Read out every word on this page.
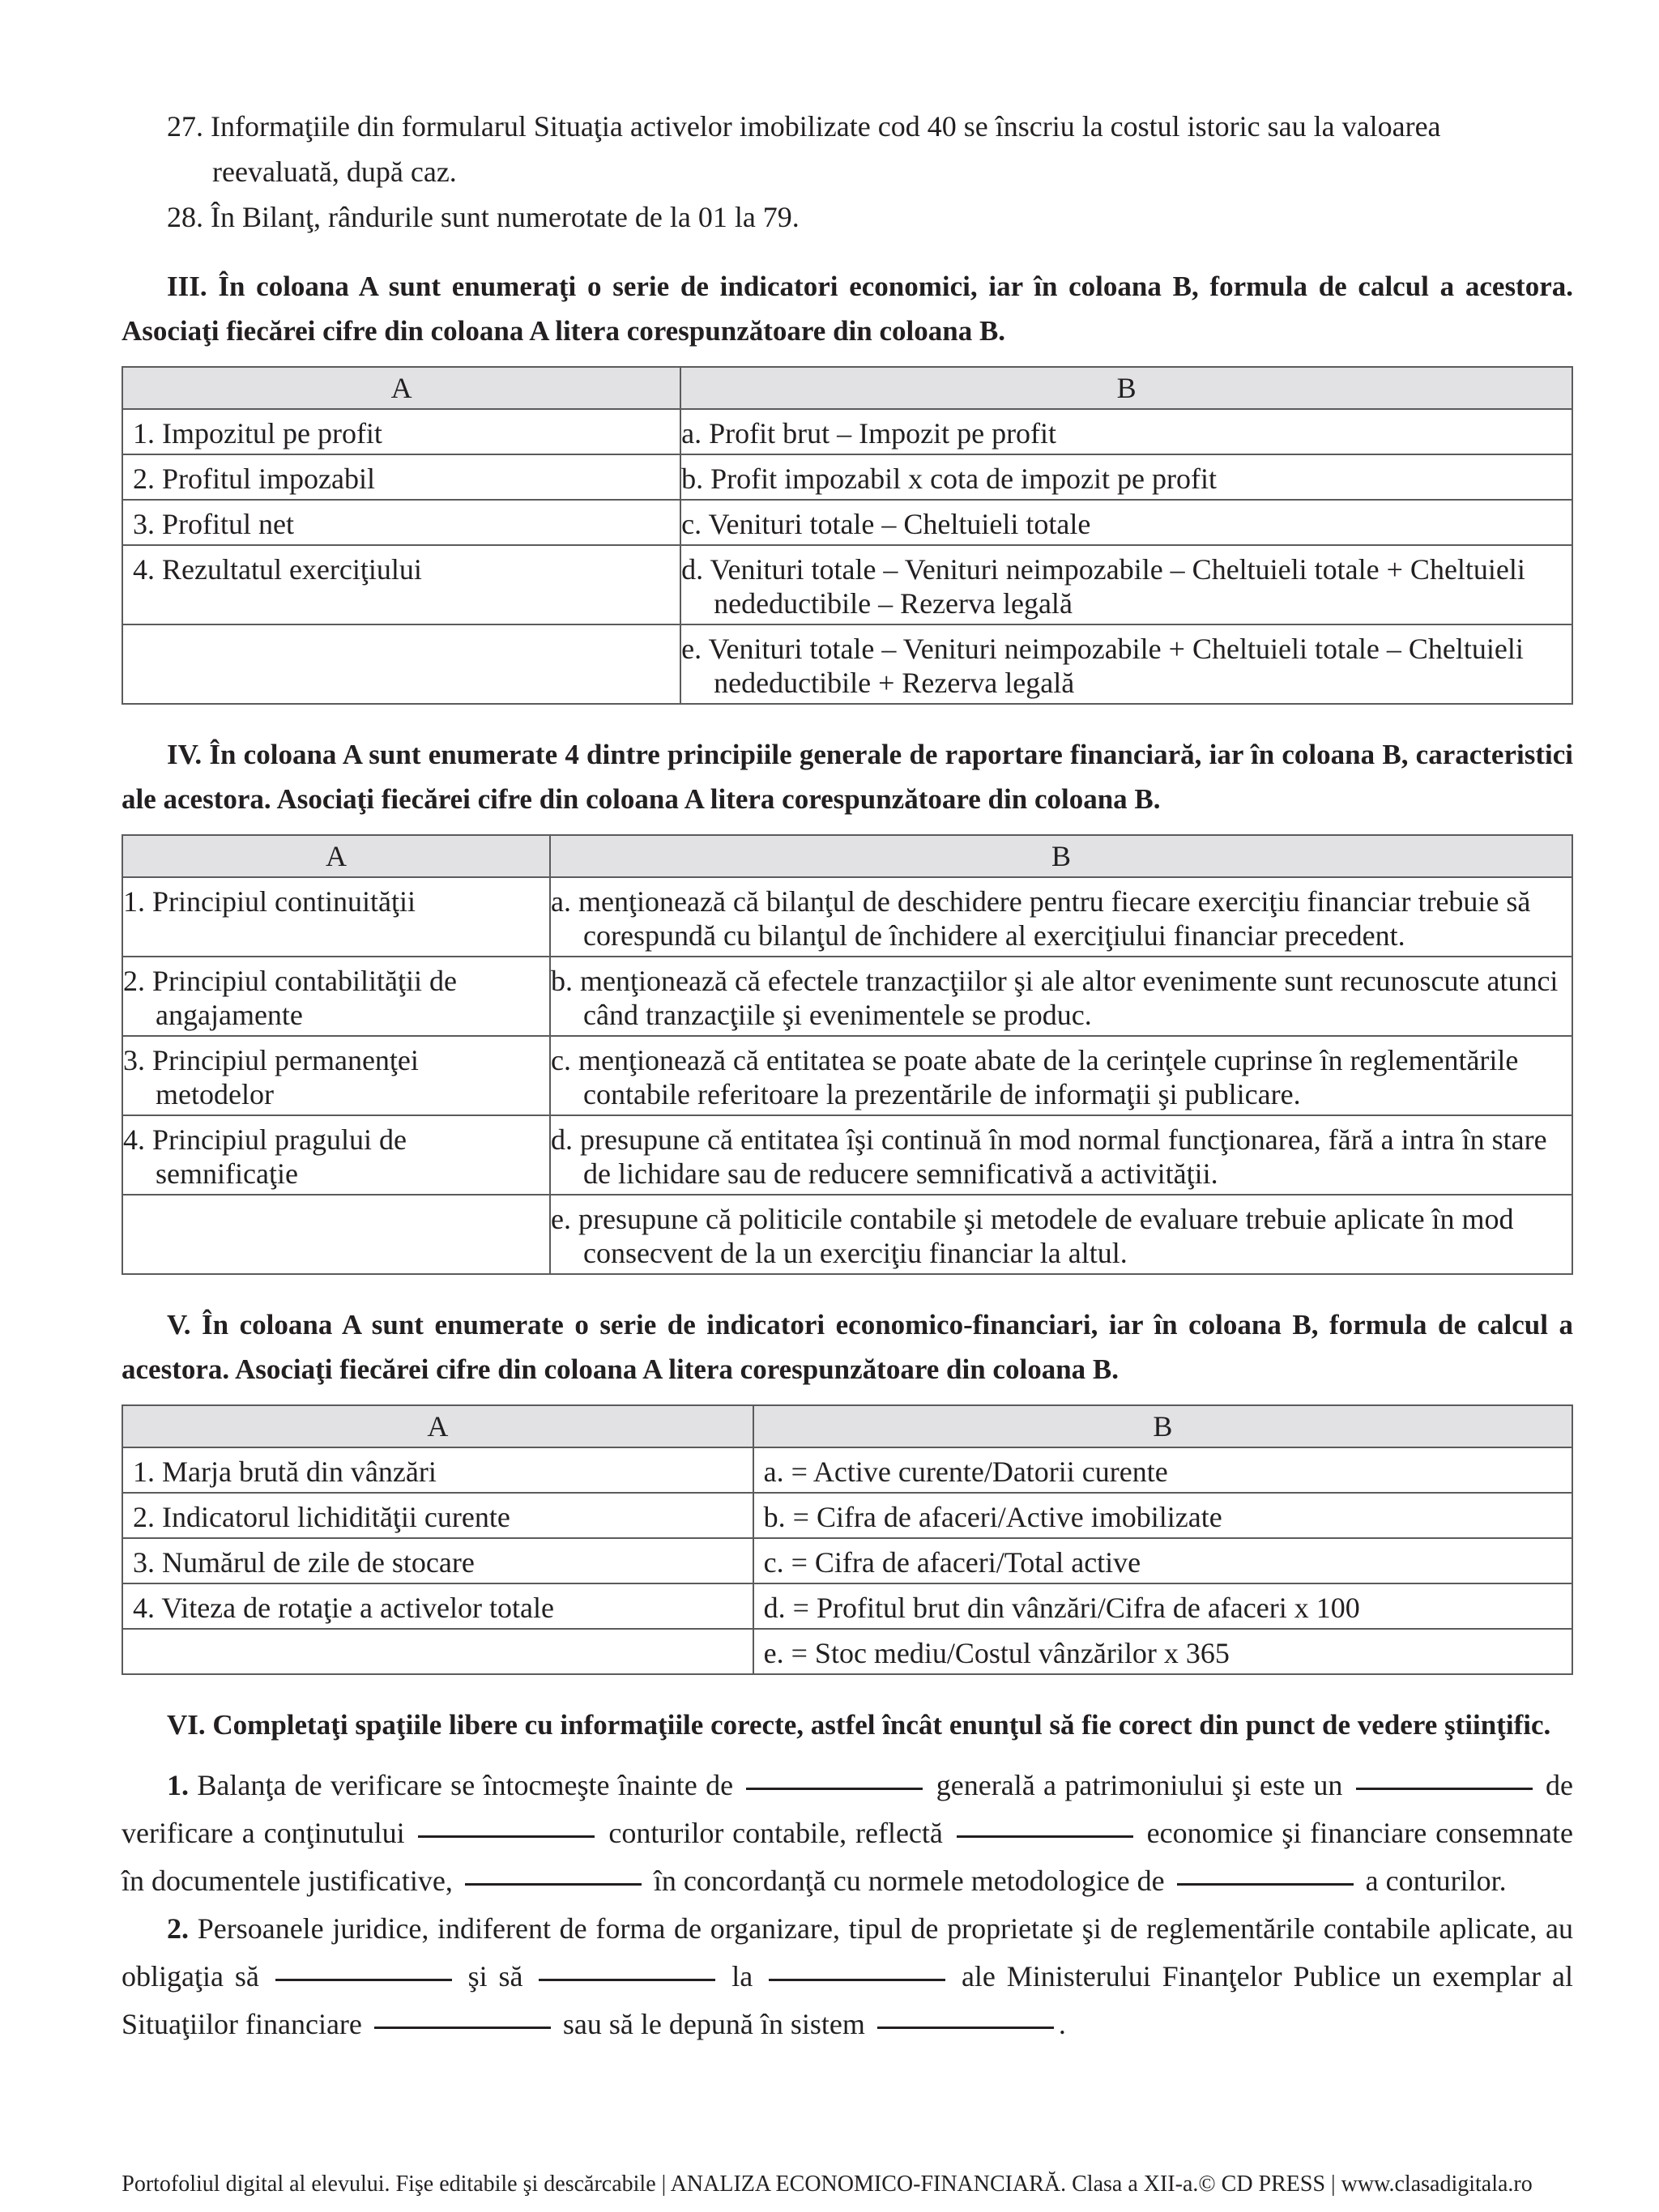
27. Informaţiile din formularul Situaţia activelor imobilizate cod 40 se înscriu la costul istoric sau la valoarea reevaluată, după caz.

28. În Bilanţ, rândurile sunt numerotate de la 01 la 79.

III. În coloana A sunt enumeraţi o serie de indicatori economici, iar în coloana B, formula de calcul a acestora. Asociaţi fiecărei cifre din coloana A litera corespunzătoare din coloana B.

A	B
1. Impozitul pe profit	a. Profit brut – Impozit pe profit
2. Profitul impozabil	b. Profit impozabil x cota de impozit pe profit
3. Profitul net	c. Venituri totale – Cheltuieli totale
4. Rezultatul exerciţiului	d. Venituri totale – Venituri neimpozabile – Cheltuieli totale + Cheltuieli nedeductibile – Rezerva legală
	e. Venituri totale – Venituri neimpozabile + Cheltuieli totale – Cheltuieli nedeductibile + Rezerva legală

IV. În coloana A sunt enumerate 4 dintre principiile generale de raportare financiară, iar în coloana B, caracteristici ale acestora. Asociaţi fiecărei cifre din coloana A litera corespunzătoare din coloana B.

A	B
1. Principiul continuităţii	a. menţionează că bilanţul de deschidere pentru fiecare exerciţiu financiar trebuie să corespundă cu bilanţul de închidere al exerciţiului financiar precedent.
2. Principiul contabilităţii de angajamente	b. menţionează că efectele tranzacţiilor şi ale altor evenimente sunt recunoscute atunci când tranzacţiile şi evenimentele se produc.
3. Principiul permanenţei metodelor	c. menţionează că entitatea se poate abate de la cerinţele cuprinse în reglementările contabile referitoare la prezentările de informaţii şi publicare.
4. Principiul pragului de semnificaţie	d. presupune că entitatea îşi continuă în mod normal funcţionarea, fără a intra în stare de lichidare sau de reducere semnificativă a activităţii.
	e. presupune că politicile contabile şi metodele de evaluare trebuie aplicate în mod consecvent de la un exerciţiu financiar la altul.

V. În coloana A sunt enumerate o serie de indicatori economico-financiari, iar în coloana B, formula de calcul a acestora. Asociaţi fiecărei cifre din coloana A litera corespunzătoare din coloana B.

A	B
1. Marja brută din vânzări	a. = Active curente/Datorii curente
2. Indicatorul lichidităţii curente	b. = Cifra de afaceri/Active imobilizate
3. Numărul de zile de stocare	c. = Cifra de afaceri/Total active
4. Viteza de rotaţie a activelor totale	d. = Profitul brut din vânzări/Cifra de afaceri x 100
	e. = Stoc mediu/Costul vânzărilor x 365

VI. Completaţi spaţiile libere cu informaţiile corecte, astfel încât enunţul să fie corect din punct de vedere ştiinţific.

1. Balanţa de verificare se întocmeşte înainte de	generală a patrimoniului şi este un	de verificare a conţinutului	conturilor contabile, reflectă	economice şi financiare consemnate în documentele justificative,	în concordanţă cu normele metodologice de	a conturilor.

2. Persoanele juridice, indiferent de forma de organizare, tipul de proprietate şi de reglementările contabile aplicate, au obligaţia să	şi să	la	ale Ministerului Finanţelor Publice un exemplar al Situaţiilor financiare	sau să le depună în sistem	.

Portofoliul digital al elevului. Fişe editabile şi descărcabile | ANALIZA ECONOMICO-FINANCIARĂ. Clasa a XII-a.© CD PRESS | www.clasadigitala.ro
